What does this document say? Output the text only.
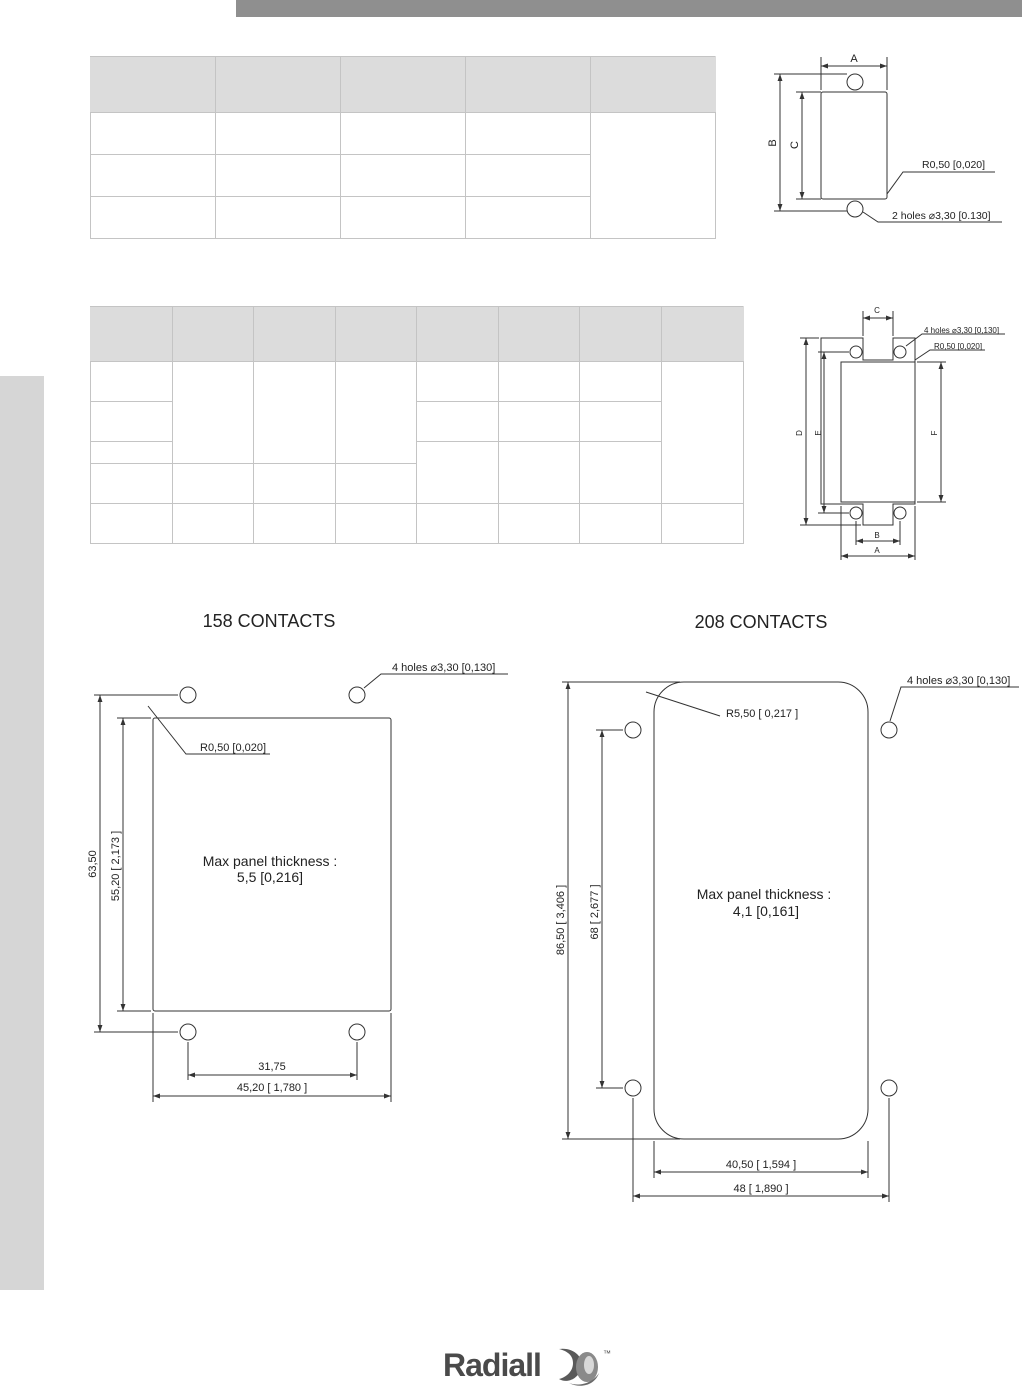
A
B C
R0,50 [0,020]
2 holes ⌀3,30 [0.130]
C
4 holes ⌀3,30 [0,130]
R0,50 [0,020]
D E	F
B
A
158 CONTACTS
4 holes ⌀3,30 [0,130]
R0,50 [0,020]
63,50 55,20 [ 2,173 ]	Max panel thickness :
5,5 [0,216]
31,75
45,20 [ 1,780 ]
208 CONTACTS
4 holes ⌀3,30 [0,130]
R5,50 [ 0,217 ]
86,50 [ 3,406 ] 68 [ 2,677 ]	Max panel thickness :
4,1 [0,161]
40,50 [ 1,594 ]
48 [ 1,890 ]
Radiall	™
